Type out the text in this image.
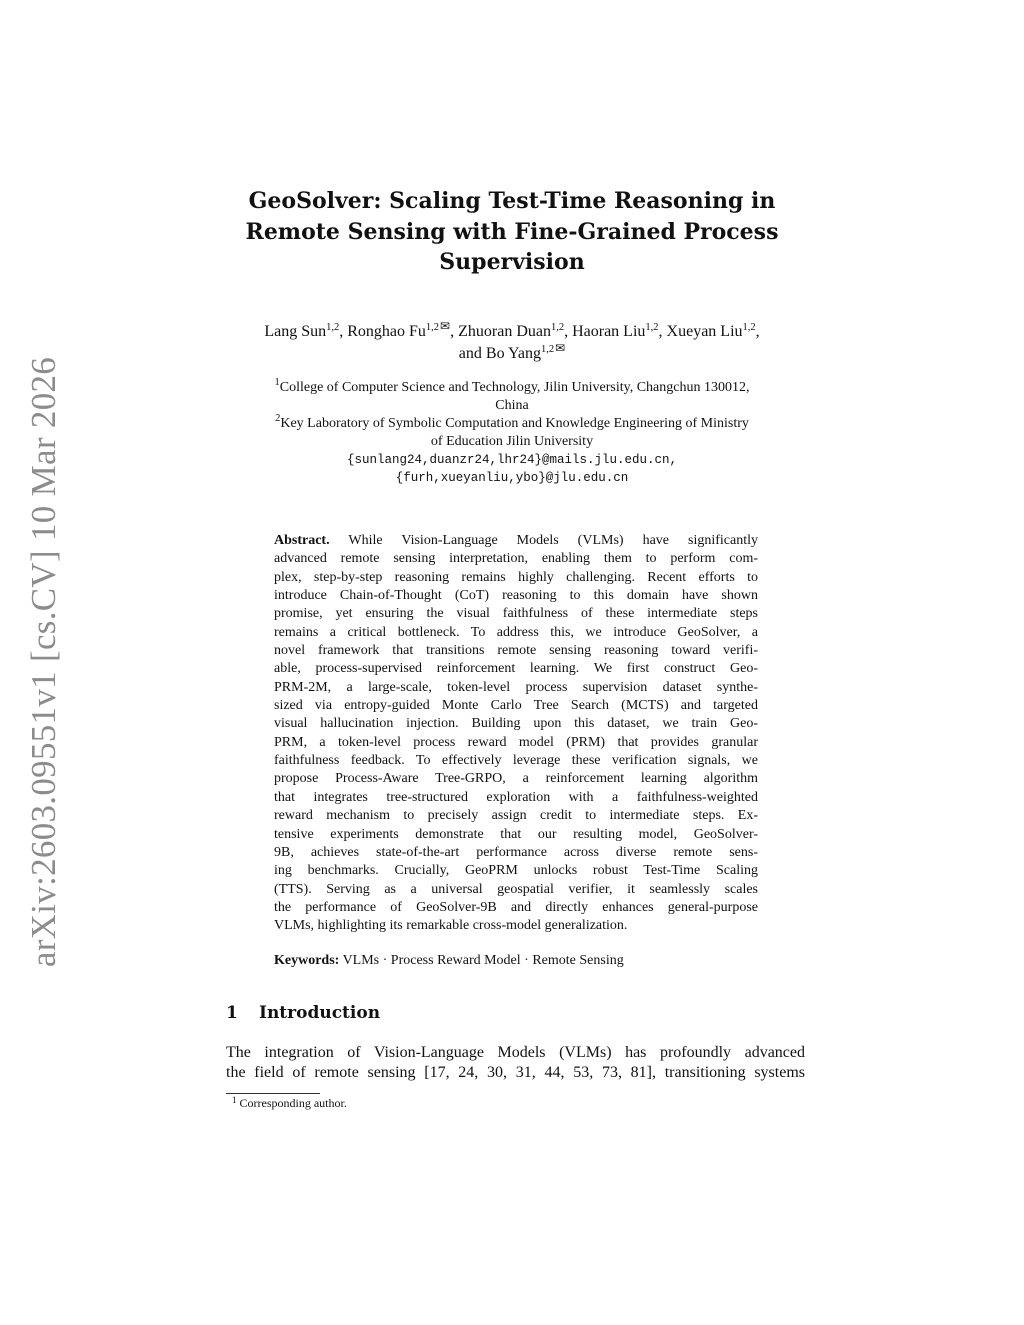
arXiv:2603.09551v1 [cs.CV] 10 Mar 2026
GeoSolver: Scaling Test-Time Reasoning in
Remote Sensing with Fine-Grained Process
Supervision
Lang Sun$^{1,2}$, Ronghao Fu$^{1,2}$✉, Zhuoran Duan$^{1,2}$, Haoran Liu$^{1,2}$, Xueyan Liu$^{1,2}$,
and Bo Yang$^{1,2}$✉
$^1$College of Computer Science and Technology, Jilin University, Changchun 130012,
China
$^2$Key Laboratory of Symbolic Computation and Knowledge Engineering of Ministry
of Education Jilin University
{sunlang24,duanzr24,lhr24}@mails.jlu.edu.cn,
{furh,xueyanliu,ybo}@jlu.edu.cn
Abstract. While Vision-Language Models (VLMs) have significantly
advanced remote sensing interpretation, enabling them to perform com-
plex, step-by-step reasoning remains highly challenging. Recent efforts to
introduce Chain-of-Thought (CoT) reasoning to this domain have shown
promise, yet ensuring the visual faithfulness of these intermediate steps
remains a critical bottleneck. To address this, we introduce GeoSolver, a
novel framework that transitions remote sensing reasoning toward verifi-
able, process-supervised reinforcement learning. We first construct Geo-
PRM-2M, a large-scale, token-level process supervision dataset synthe-
sized via entropy-guided Monte Carlo Tree Search (MCTS) and targeted
visual hallucination injection. Building upon this dataset, we train Geo-
PRM, a token-level process reward model (PRM) that provides granular
faithfulness feedback. To effectively leverage these verification signals, we
propose Process-Aware Tree-GRPO, a reinforcement learning algorithm
that integrates tree-structured exploration with a faithfulness-weighted
reward mechanism to precisely assign credit to intermediate steps. Ex-
tensive experiments demonstrate that our resulting model, GeoSolver-
9B, achieves state-of-the-art performance across diverse remote sens-
ing benchmarks. Crucially, GeoPRM unlocks robust Test-Time Scaling
(TTS). Serving as a universal geospatial verifier, it seamlessly scales
the performance of GeoSolver-9B and directly enhances general-purpose
VLMs, highlighting its remarkable cross-model generalization.
Keywords: VLMs · Process Reward Model · Remote Sensing
1 Introduction
The integration of Vision-Language Models (VLMs) has profoundly advanced
the field of remote sensing [17, 24, 30, 31, 44, 53, 73, 81], transitioning systems
$^1$ Corresponding author.
